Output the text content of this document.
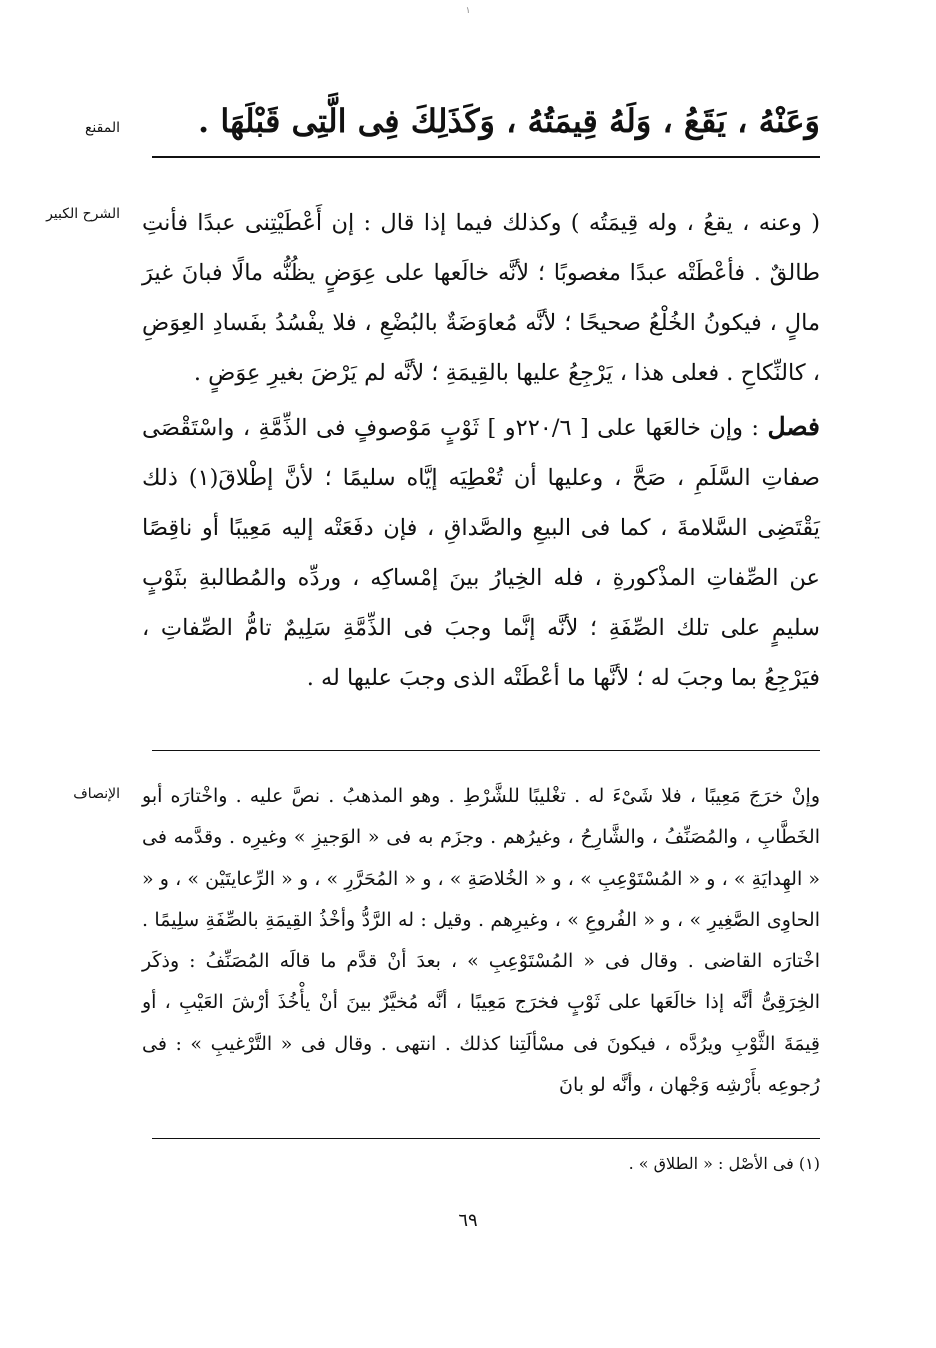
١
المقنع	وَعَنْهُ ، يَقَعُ ، وَلَهُ قِيمَتُهُ ، وَكَذَلِكَ فِى الَّتِى قَبْلَهَا .
الشرح الكبير ( وعنه ، يقعُ ، وله قِيمَتُه ) وكذلك فيما إذا قال : إن أَعْطَيْتِنى عبدًا فأنتِ طالقٌ . فأعْطَتْه عبدًا مغصوبًا ؛ لأنَّه خالَعها على عِوَضٍ يظُنُّه مالًا فبانَ غيرَ مالٍ ، فيكونُ الخُلْعُ صحيحًا ؛ لأنَّه مُعاوَضَةٌ بالبُضْعِ ، فلا يفْسُدُ بفَسادِ العِوَضِ ، كالنِّكاحِ . فعلى هذا ، يَرْجِعُ عليها بالقِيمَةِ ؛ لأنَّه لم يَرْضَ بغيرِ عِوَضٍ .

فصل : وإن خالعَها على [ ٢٢٠/٦و ] ثَوْبٍ مَوْصوفٍ فى الذِّمَّةِ ، واسْتَقْصَى صفاتِ السَّلَمِ ، صَحَّ ، وعليها أن تُعْطِيَه إيَّاه سليمًا ؛ لأنَّ إطْلاقَ(١) ذلك يَقْتَضِى السَّلامةَ ، كما فى البيعِ والصَّداقِ ، فإن دفَعَتْه إليه مَعِيبًا أو ناقِصًا عن الصِّفاتِ المذْكورةِ ، فله الخِيارُ بينَ إمْساكِه ، وردِّه والمُطالبةِ بثَوْبٍ سليمٍ على تلك الصِّفَةِ ؛ لأنَّه إنَّما وجبَ فى الذِّمَّةِ سَلِيمٌ تامُّ الصِّفاتِ ، فيَرْجِعُ بما وجبَ له ؛ لأنَّها ما أعْطَتْه الذى وجبَ عليها له .

الإنصاف وإنْ خرَجَ مَعِيبًا ، فلا شَىْءَ له . تغْليبًا للشَّرْطِ . وهو المذهبُ . نصَّ عليه . واخْتارَه أبو الخَطَّابِ ، والمُصَنِّفُ ، والشَّارِحُ ، وغيرُهم . وجزَم به فى « الوَجيزِ » وغيرِه . وقدَّمه فى « الهِدايَةِ » ، و « المُسْتَوْعِبِ » ، و « الخُلاصَةِ » ، و « المُحَرَّرِ » ، و « الرِّعايتَيْن » ، و « الحاوِى الصَّغِيرِ » ، و « الفُروعِ » ، وغيرِهم . وقيل : له الرَّدُّ وأخْذُ القِيمَةِ بالصِّفَةِ سلِيمًا . اخْتارَه القاضى . وقال فى « المُسْتَوْعِبِ » ، بعدَ أنْ قدَّم ما قالَه المُصَنِّفُ : وذكَر الخِرَقِىُّ أنَّه إذا خالَعَها على ثَوْبٍ فخرَج مَعِيبًا ، أنَّه مُخيَّرٌ بينَ أنْ يأْخُذَ أرْشَ العَيْبِ ، أو قِيمَةَ الثَّوْبِ ويرُدَّه ، فيكونَ فى مسْألَتِنا كذلك . انتهى . وقال فى « التَّرْغيبِ » : فى رُجوعِه بأَرْشِه وَجْهان ، وأنَّه لو بانَ
(١) فى الأصْل : « الطلاق » .
٦٩
